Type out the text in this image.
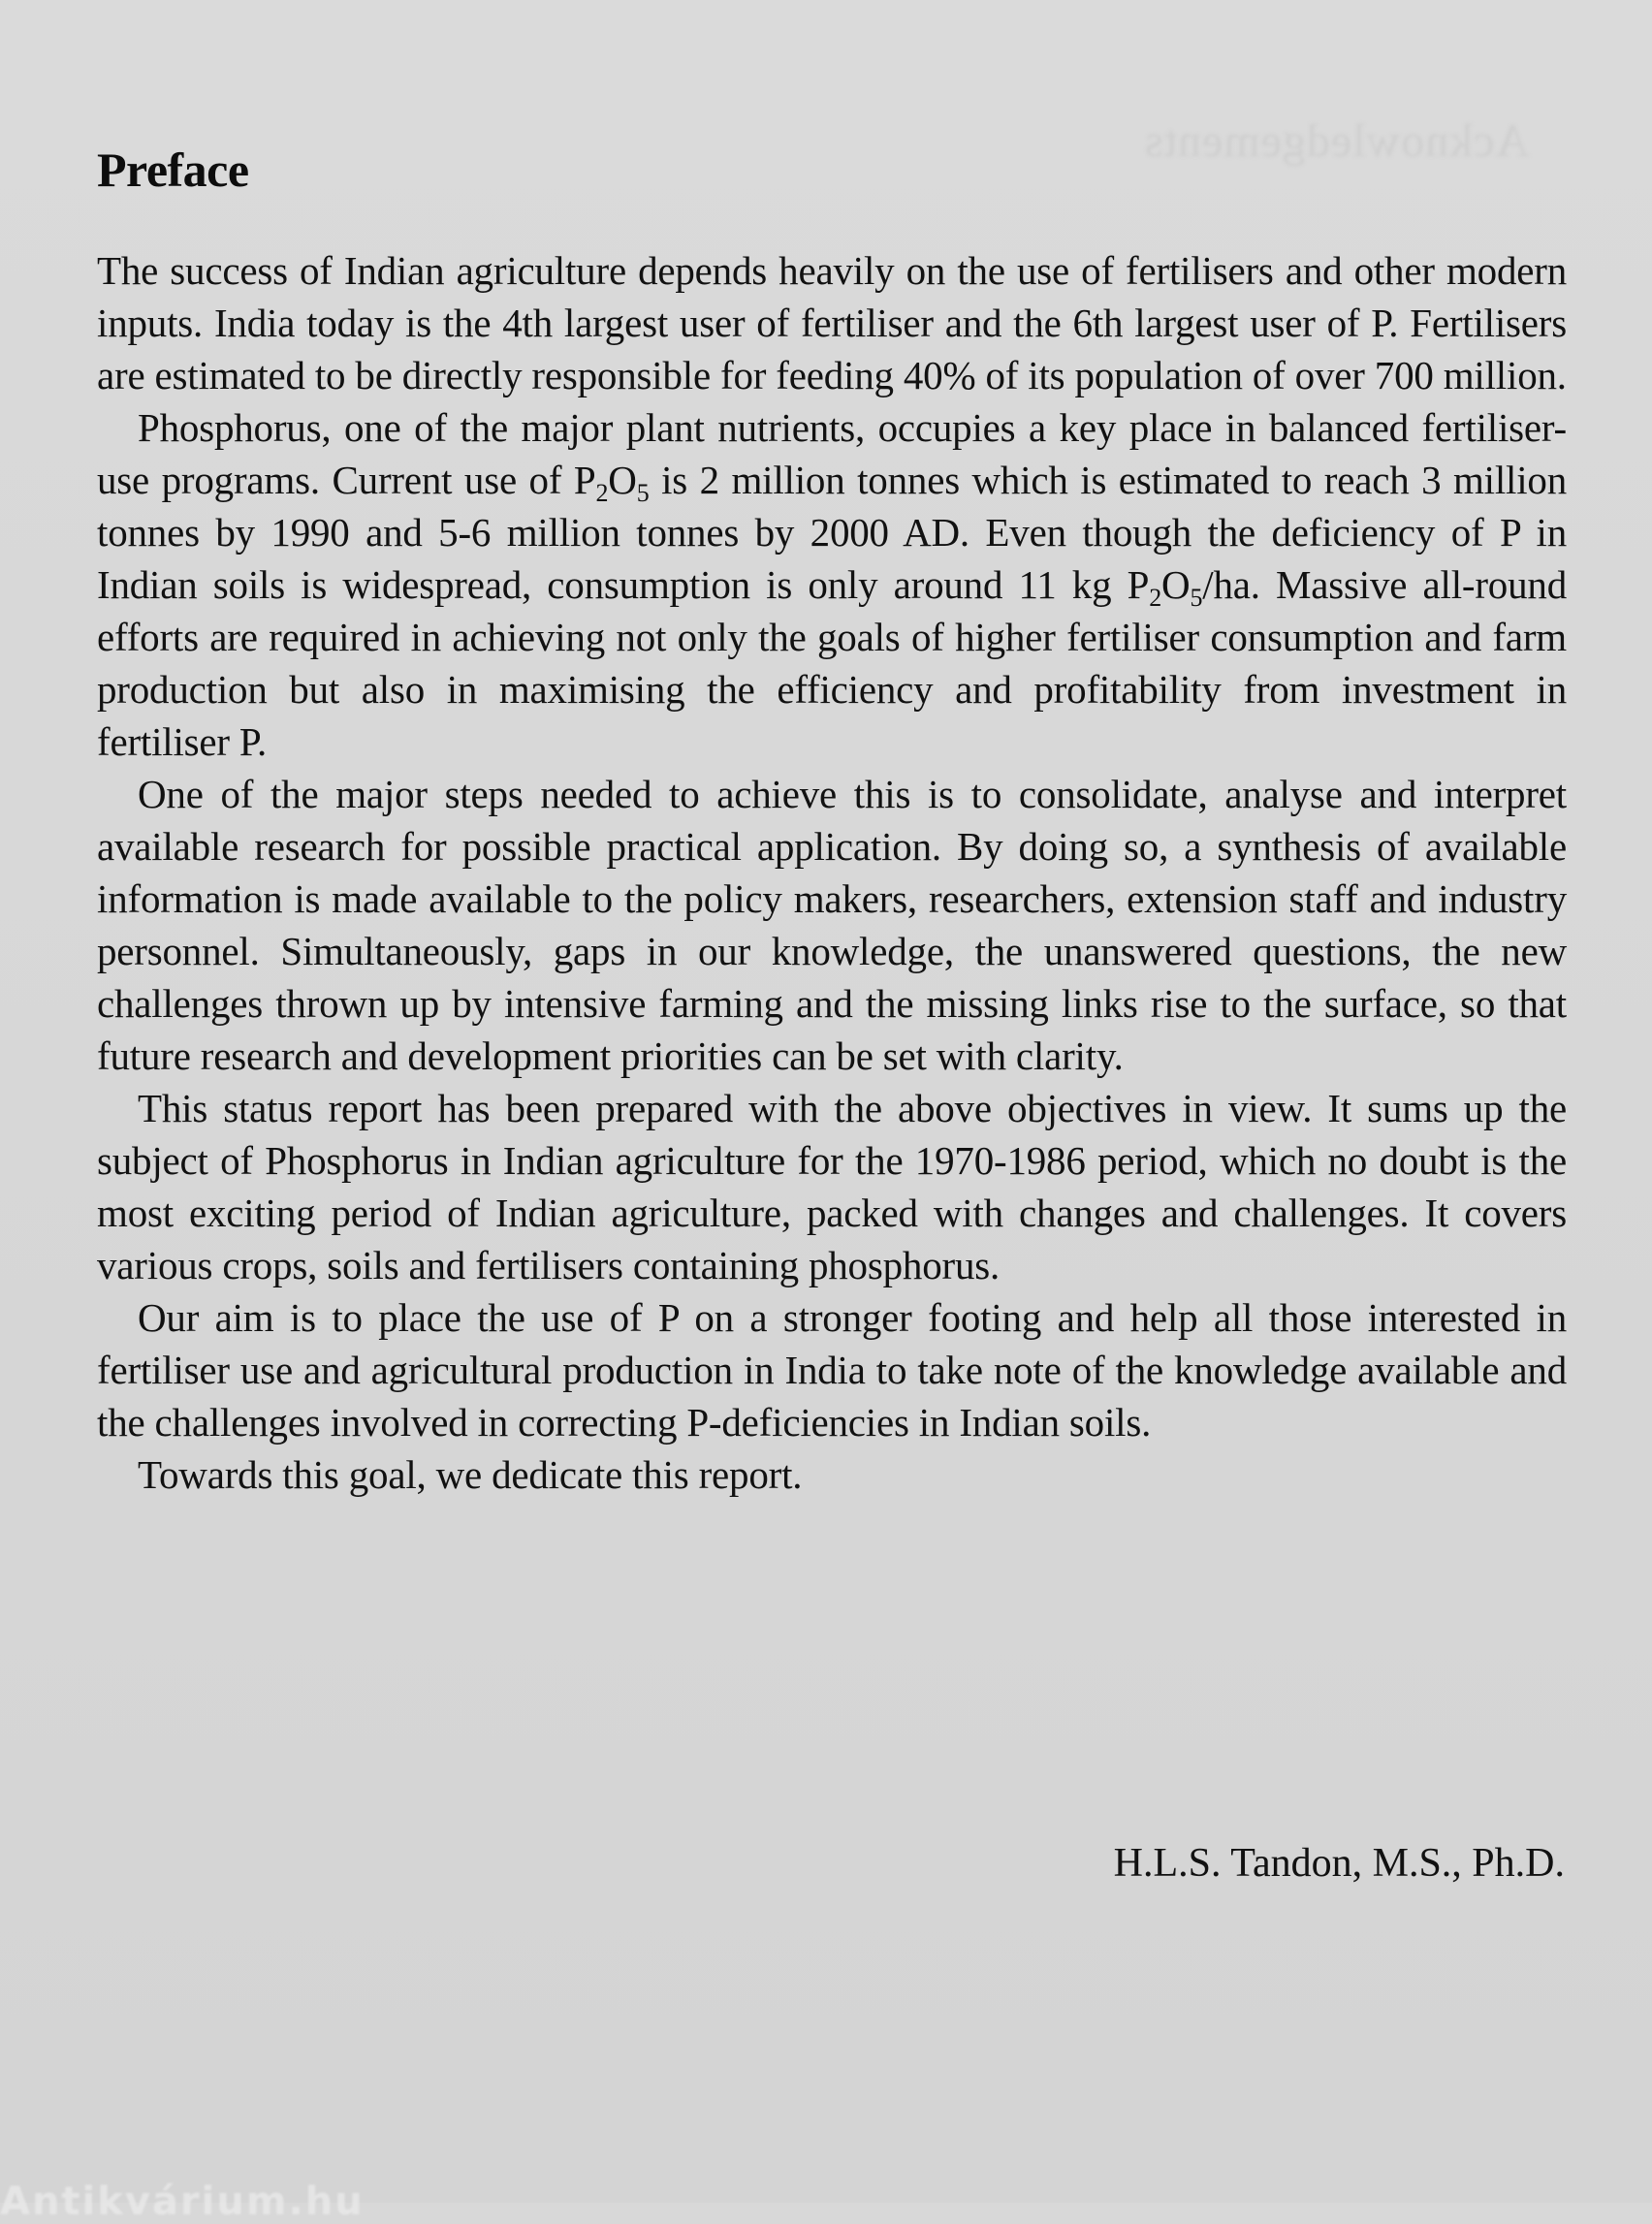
Acknowledgements
Preface

The success of Indian agriculture depends heavily on the use of fertilisers and other modern inputs. India today is the 4th largest user of fertiliser and the 6th largest user of P. Fertilisers are estimated to be directly responsible for feeding 40% of its population of over 700 million.

Phosphorus, one of the major plant nutrients, occupies a key place in balanced fertiliser-use programs. Current use of $P_2O_5$ is 2 million tonnes which is estimated to reach 3 million tonnes by 1990 and 5-6 million tonnes by 2000 AD. Even though the deficiency of P in Indian soils is widespread, consumption is only around 11 kg $P_2O_5/ha$. Massive all-round efforts are required in achieving not only the goals of higher fertiliser consumption and farm production but also in maximising the efficiency and profitability from investment in fertiliser P.

One of the major steps needed to achieve this is to consolidate, analyse and interpret available research for possible practical application. By doing so, a synthesis of available information is made available to the policy makers, researchers, extension staff and industry personnel. Simultaneously, gaps in our knowledge, the unanswered questions, the new challenges thrown up by intensive farming and the missing links rise to the surface, so that future research and development priorities can be set with clarity.

This status report has been prepared with the above objectives in view. It sums up the subject of Phosphorus in Indian agriculture for the 1970-1986 period, which no doubt is the most exciting period of Indian agriculture, packed with changes and challenges. It covers various crops, soils and fertilisers containing phosphorus.

Our aim is to place the use of P on a stronger footing and help all those interested in fertiliser use and agricultural production in India to take note of the knowledge available and the challenges involved in correcting P-deficiencies in Indian soils.

Towards this goal, we dedicate this report.

H.L.S. Tandon, M.S., Ph.D.
Antikvárium.hu
